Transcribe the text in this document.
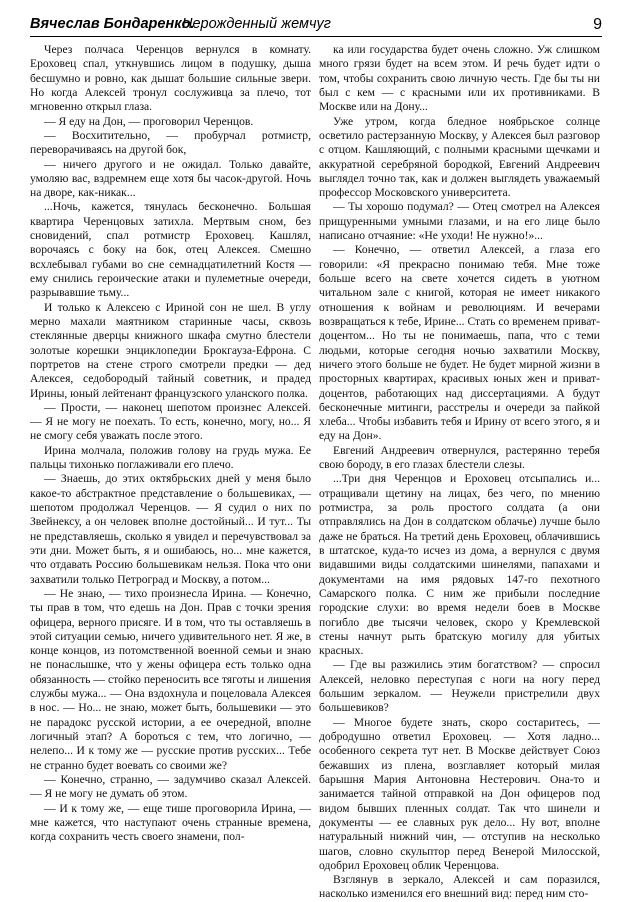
Вячеслав Бондаренко.
Нерожденный жемчуг	9

Через полчаса Черенцов вернулся в комнату. Ероховец спал, уткнувшись лицом в подушку, дыша бесшумно и ровно, как дышат большие сильные звери. Но когда Алексей тронул сослуживца за плечо, тот мгновенно открыл глаза.

— Я еду на Дон, — проговорил Черенцов.

— Восхитительно, — пробурчал ротмистр, переворачиваясь на другой бок,

— ничего другого и не ожидал. Только давайте, умоляю вас, вздремнем еще хотя бы часок-другой. Ночь на дворе, как-никак...

...Ночь, кажется, тянулась бесконечно. Большая квартира Черенцовых затихла. Мертвым сном, без сновидений, спал ротмистр Ероховец. Кашлял, ворочаясь с боку на бок, отец Алексея. Смешно всхлебывал губами во сне семнадцатилетний Костя — ему снились героические атаки и пулеметные очереди, разрывавшие тьму...

И только к Алексею с Ириной сон не шел. В углу мерно махали маятником старинные часы, сквозь стеклянные дверцы книжного шкафа смутно блестели золотые корешки энциклопедии Брокгауза-Ефрона. С портретов на стене строго смотрели предки — дед Алексея, седобородый тайный советник, и прадед Ирины, юный лейтенант французского уланского полка.

— Прости, — наконец шепотом произнес Алексей. — Я не могу не поехать. То есть, конечно, могу, но... Я не смогу себя уважать после этого.

Ирина молчала, положив голову на грудь мужа. Ее пальцы тихонько поглаживали его плечо.

— Знаешь, до этих октябрьских дней у меня было какое-то абстрактное представление о большевиках, — шепотом продолжал Черенцов. — Я судил о них по Звейнексу, а он человек вполне достойный... И тут... Ты не представляешь, сколько я увидел и перечувствовал за эти дни. Может быть, я и ошибаюсь, но... мне кажется, что отдавать Россию большевикам нельзя. Пока что они захватили только Петроград и Москву, а потом...

— Не знаю, — тихо произнесла Ирина. — Конечно, ты прав в том, что едешь на Дон. Прав с точки зрения офицера, верного присяге. И в том, что ты оставляешь в этой ситуации семью, ничего удивительного нет. Я же, в конце концов, из потомственной военной семьи и знаю не понаслышке, что у жены офицера есть только одна обязанность — стойко переносить все тяготы и лишения службы мужа... — Она вздохнула и поцеловала Алексея в нос. — Но... не знаю, может быть, большевики — это не парадокс русской истории, а ее очередной, вполне логичный этап? А бороться с тем, что логично, — нелепо... И к тому же — русские против русских... Тебе не странно будет воевать со своими же?

— Конечно, странно, — задумчиво сказал Алексей. — Я не могу не думать об этом.

— И к тому же, — еще тише проговорила Ирина, — мне кажется, что наступают очень странные времена, когда сохранить честь своего знамени, пол-

ка или государства будет очень сложно. Уж слишком много грязи будет на всем этом. И речь будет идти о том, чтобы сохранить свою личную честь. Где бы ты ни был с кем — с красными или их противниками. В Москве или на Дону...

Уже утром, когда бледное ноябрьское солнце осветило растерзанную Москву, у Алексея был разговор с отцом. Кашляющий, с полными красными щечками и аккуратной серебряной бородкой, Евгений Андреевич выглядел точно так, как и должен выглядеть уважаемый профессор Московского университета.

— Ты хорошо подумал? — Отец смотрел на Алексея прищуренными умными глазами, и на его лице было написано отчаяние: «Не уходи! Не нужно!»...

— Конечно, — ответил Алексей, а глаза его говорили: «Я прекрасно понимаю тебя. Мне тоже больше всего на свете хочется сидеть в уютном читальном зале с книгой, которая не имеет никакого отношения к войнам и революциям. И вечерами возвращаться к тебе, Ирине... Стать со временем приват-доцентом... Но ты не понимаешь, папа, что с теми людьми, которые сегодня ночью захватили Москву, ничего этого больше не будет. Не будет мирной жизни в просторных квартирах, красивых юных жен и приват-доцентов, работающих над диссертациями. А будут бесконечные митинги, расстрелы и очереди за пайкой хлеба... Чтобы избавить тебя и Ирину от всего этого, я и еду на Дон».

Евгений Андреевич отвернулся, растерянно теребя свою бороду, в его глазах блестели слезы.

...Три дня Черенцов и Ероховец отсыпались и... отращивали щетину на лицах, без чего, по мнению ротмистра, за роль простого солдата (а они отправлялись на Дон в солдатском облачье) лучше было даже не браться. На третий день Ероховец, облачившись в штатское, куда-то исчез из дома, а вернулся с двумя видавшими виды солдатскими шинелями, папахами и документами на имя рядовых 147-го пехотного Самарского полка. С ним же прибыли последние городские слухи: во время недели боев в Москве погибло две тысячи человек, скоро у Кремлевской стены начнут рыть братскую могилу для убитых красных.

— Где вы разжились этим богатством? — спросил Алексей, неловко переступая с ноги на ногу перед большим зеркалом. — Неужели пристрелили двух большевиков?

— Многое будете знать, скоро состаритесь, — добродушно ответил Ероховец. — Хотя ладно... особенного секрета тут нет. В Москве действует Союз бежавших из плена, возглавляет который милая барышня Мария Антоновна Нестерович. Она-то и занимается тайной отправкой на Дон офицеров под видом бывших пленных солдат. Так что шинели и документы — ее славных рук дело... Ну вот, вполне натуральный нижний чин, — отступив на несколько шагов, словно скульптор перед Венерой Милосской, одобрил Ероховец облик Черенцова.

Взглянув в зеркало, Алексей и сам поразился, насколько изменился его внешний вид: перед ним сто-
